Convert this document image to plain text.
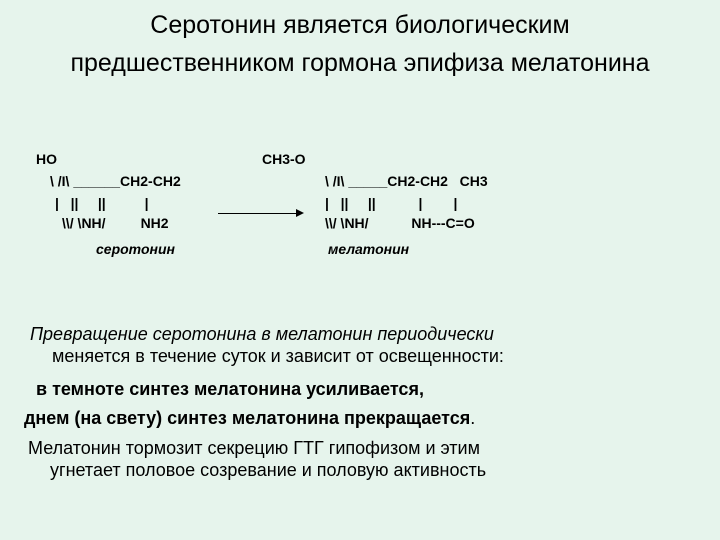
Серотонин является биологическим
предшественником гормона эпифиза мелатонина
HO
\ /I\ ______CH2-CH2
|   ||     ||          |
\\/ \NH/         NH2
серотонин
CH3-O
\ /I\ _____CH2-CH2   CH3
|   ||     ||           |        |
\\/ \NH/           NH---C=O
мелатонин
Превращение серотонина в мелатонин периодически
меняется в течение суток и зависит от освещенности:
в темноте синтез мелатонина усиливается,
днем (на свету) синтез мелатонина прекращается.
Мелатонин тормозит секрецию ГТГ гипофизом и этим
угнетает половое созревание и половую активность
